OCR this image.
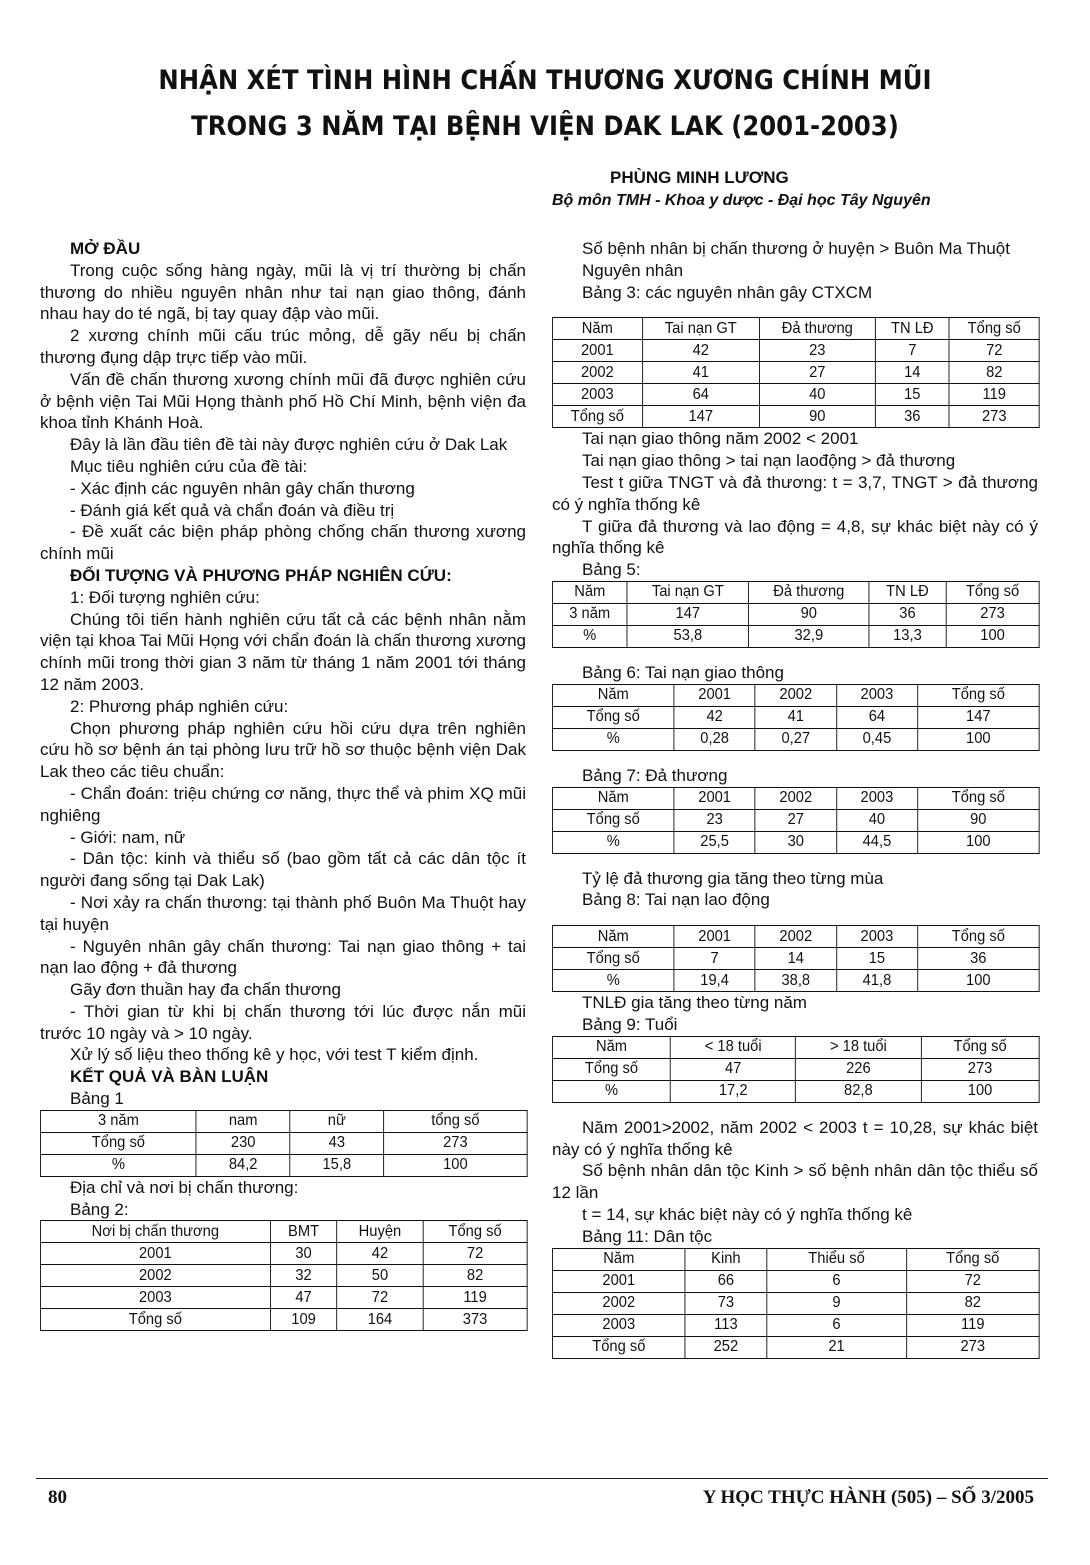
NHẬN XÉT TÌNH HÌNH CHẤN THƯƠNG XƯƠNG CHÍNH MŨI
TRONG 3 NĂM TẠI BỆNH VIỆN DAK LAK (2001-2003)
PHÙNG MINH LƯƠNG
Bộ môn TMH - Khoa y dược - Đại học Tây Nguyên

MỞ ĐẦU

Trong cuộc sống hàng ngày, mũi là vị trí thường bị chấn thương do nhiều nguyên nhân như tai nạn giao thông, đánh nhau hay do té ngã, bị tay quay đập vào mũi.

2 xương chính mũi cấu trúc mỏng, dễ gãy nếu bị chấn thương đụng dập trực tiếp vào mũi.

Vấn đề chấn thương xương chính mũi đã được nghiên cứu ở bệnh viện Tai Mũi Họng thành phố Hồ Chí Minh, bệnh viện đa khoa tỉnh Khánh Hoà.

Đây là lần đầu tiên đề tài này được nghiên cứu ở Dak Lak

Mục tiêu nghiên cứu của đề tài:

- Xác định các nguyên nhân gây chấn thương

- Đánh giá kết quả và chẩn đoán và điều trị

- Đề xuất các biện pháp phòng chống chấn thương xương chính mũi

ĐỐI TƯỢNG VÀ PHƯƠNG PHÁP NGHIÊN CỨU:

1: Đối tượng nghiên cứu:

Chúng tôi tiến hành nghiên cứu tất cả các bệnh nhân nằm viện tại khoa Tai Mũi Họng với chẩn đoán là chấn thương xương chính mũi trong thời gian 3 năm từ tháng 1 năm 2001 tới tháng 12 năm 2003.

2: Phương pháp nghiên cứu:

Chọn phương pháp nghiên cứu hồi cứu dựa trên nghiên cứu hồ sơ bệnh án tại phòng lưu trữ hồ sơ thuộc bệnh viện Dak Lak theo các tiêu chuẩn:

- Chẩn đoán: triệu chứng cơ năng, thực thể và phim XQ mũi nghiêng

- Giới: nam, nữ

- Dân tộc: kinh và thiểu số (bao gồm tất cả các dân tộc ít người đang sống tại Dak Lak)

- Nơi xảy ra chấn thương: tại thành phố Buôn Ma Thuột hay tại huyện

- Nguyên nhân gây chấn thương: Tai nạn giao thông + tai nạn lao động + đả thương

Gãy đơn thuần hay đa chấn thương

- Thời gian từ khi bị chấn thương tới lúc được nắn mũi trước 10 ngày và > 10 ngày.

Xử lý số liệu theo thống kê y học, với test T kiểm định.

KẾT QUẢ VÀ BÀN LUẬN

Bảng 1

3 năm	nam	nữ	tổng số
Tổng số	230	43	273
%	84,2	15,8	100

Địa chỉ và nơi bị chấn thương:

Bảng 2:

Nơi bị chấn thương	BMT	Huyện	Tổng số
2001	30	42	72
2002	32	50	82
2003	47	72	119
Tổng số	109	164	373

Số bệnh nhân bị chấn thương ở huyện > Buôn Ma Thuột

Nguyên nhân

Bảng 3: các nguyên nhân gây CTXCM

Năm	Tai nạn GT	Đả thương	TN LĐ	Tổng số
2001	42	23	7	72
2002	41	27	14	82
2003	64	40	15	119
Tổng số	147	90	36	273

Tai nạn giao thông năm 2002 < 2001

Tai nạn giao thông > tai nạn laođộng > đả thương

Test t giữa TNGT và đả thương: t = 3,7, TNGT > đả thương có ý nghĩa thống kê

T giữa đả thương và lao động = 4,8, sự khác biệt này có ý nghĩa thống kê

Bảng 5:

Năm	Tai nạn GT	Đả thương	TN LĐ	Tổng số
3 năm	147	90	36	273
%	53,8	32,9	13,3	100

Bảng 6: Tai nạn giao thông

Năm	2001	2002	2003	Tổng số
Tổng số	42	41	64	147
%	0,28	0,27	0,45	100

Bảng 7: Đả thương

Năm	2001	2002	2003	Tổng số
Tổng số	23	27	40	90
%	25,5	30	44,5	100

Tỷ lệ đả thương gia tăng theo từng mùa

Bảng 8: Tai nạn lao động

Năm	2001	2002	2003	Tổng số
Tổng số	7	14	15	36
%	19,4	38,8	41,8	100

TNLĐ gia tăng theo từng năm

Bảng 9: Tuổi

Năm	< 18 tuổi	> 18 tuổi	Tổng số
Tổng số	47	226	273
%	17,2	82,8	100

Năm 2001>2002, năm 2002 < 2003 t = 10,28, sự khác biệt này có ý nghĩa thống kê

Số bệnh nhân dân tộc Kinh > số bệnh nhân dân tộc thiểu số 12 lần

t = 14, sự khác biệt này có ý nghĩa thống kê

Bảng 11: Dân tộc

Năm	Kinh	Thiểu số	Tổng số
2001	66	6	72
2002	73	9	82
2003	113	6	119
Tổng số	252	21	273
80	Y HỌC THỰC HÀNH (505) – SỐ 3/2005
